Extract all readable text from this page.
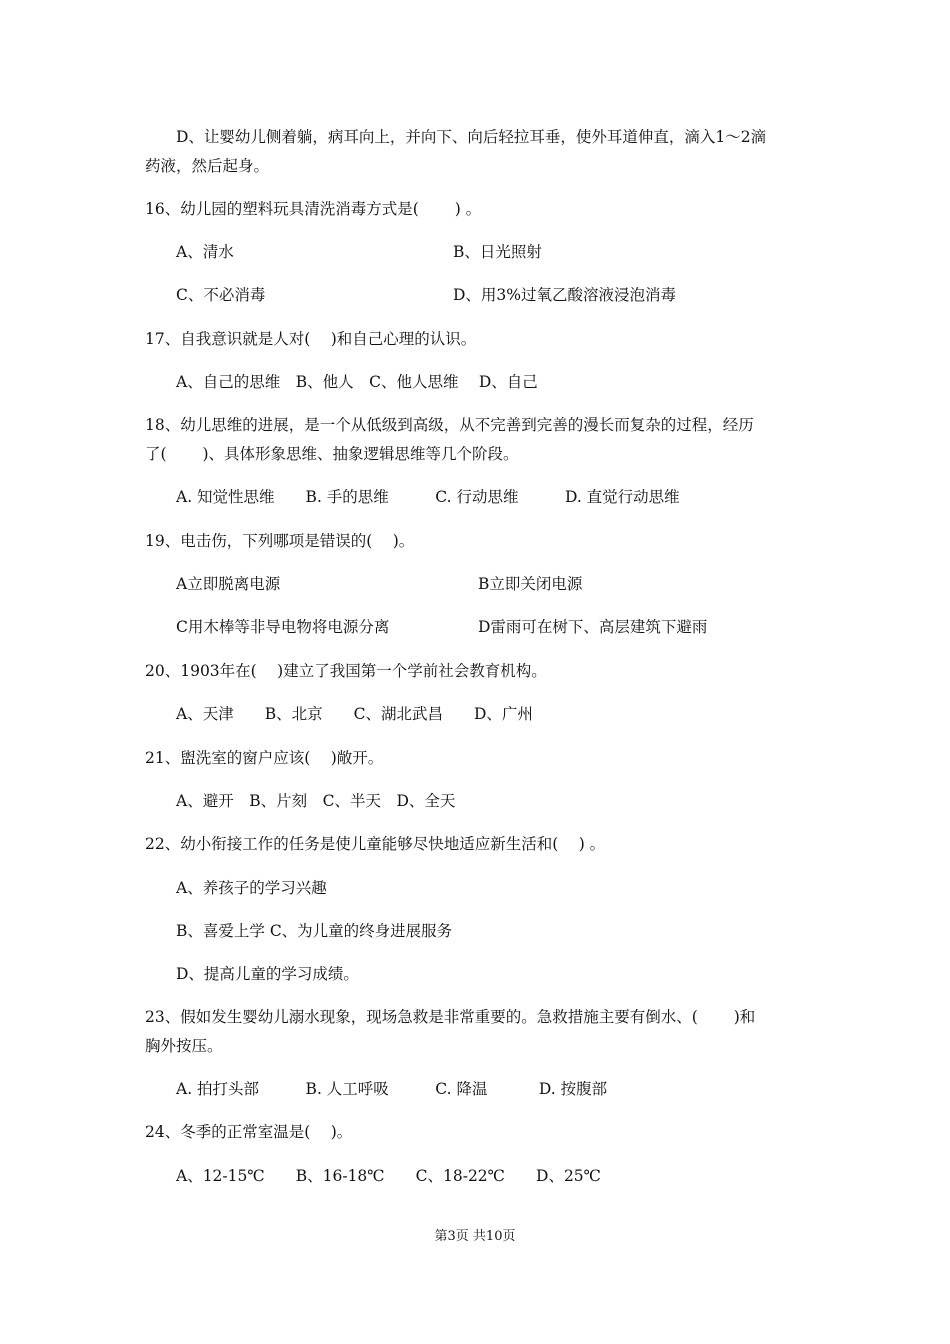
D、让婴幼儿侧着躺，病耳向上，并向下、向后轻拉耳垂，使外耳道伸直，滴入1～2滴
药液，然后起身。
16、幼儿园的塑料玩具清洗消毒方式是(　　 ) 。
A、清水	B、日光照射
C、不必消毒	D、用3%过氧乙酸溶液浸泡消毒
17、自我意识就是人对(　 )和自己心理的认识。
A、自己的思维　B、他人　C、他人思维　 D、自己
18、幼儿思维的进展，是一个从低级到高级，从不完善到完善的漫长而复杂的过程，经历
了(　　 )、具体形象思维、抽象逻辑思维等几个阶段。
A. 知觉性思维　　B. 手的思维　　　C. 行动思维　　　D. 直觉行动思维
19、电击伤，下列哪项是错误的(　 )。
A立即脱离电源	B立即关闭电源
C用木棒等非导电物将电源分离	D雷雨可在树下、高层建筑下避雨
20、1903年在(　 )建立了我国第一个学前社会教育机构。
A、天津　　B、北京　　C、湖北武昌　　D、广州
21、盥洗室的窗户应该(　 )敞开。
A、避开　B、片刻　C、半天　D、全天
22、幼小衔接工作的任务是使儿童能够尽快地适应新生活和(　 ) 。
A、养孩子的学习兴趣
B、喜爱上学 C、为儿童的终身进展服务
D、提高儿童的学习成绩。
23、假如发生婴幼儿溺水现象，现场急救是非常重要的。急救措施主要有倒水、(　　 )和
胸外按压。
A. 拍打头部　　　B. 人工呼吸　　　C. 降温　　　 D. 按腹部
24、冬季的正常室温是(　 )。
A、12-15℃　　B、16-18℃　　C、18-22℃　　D、25℃
第3页 共10页
